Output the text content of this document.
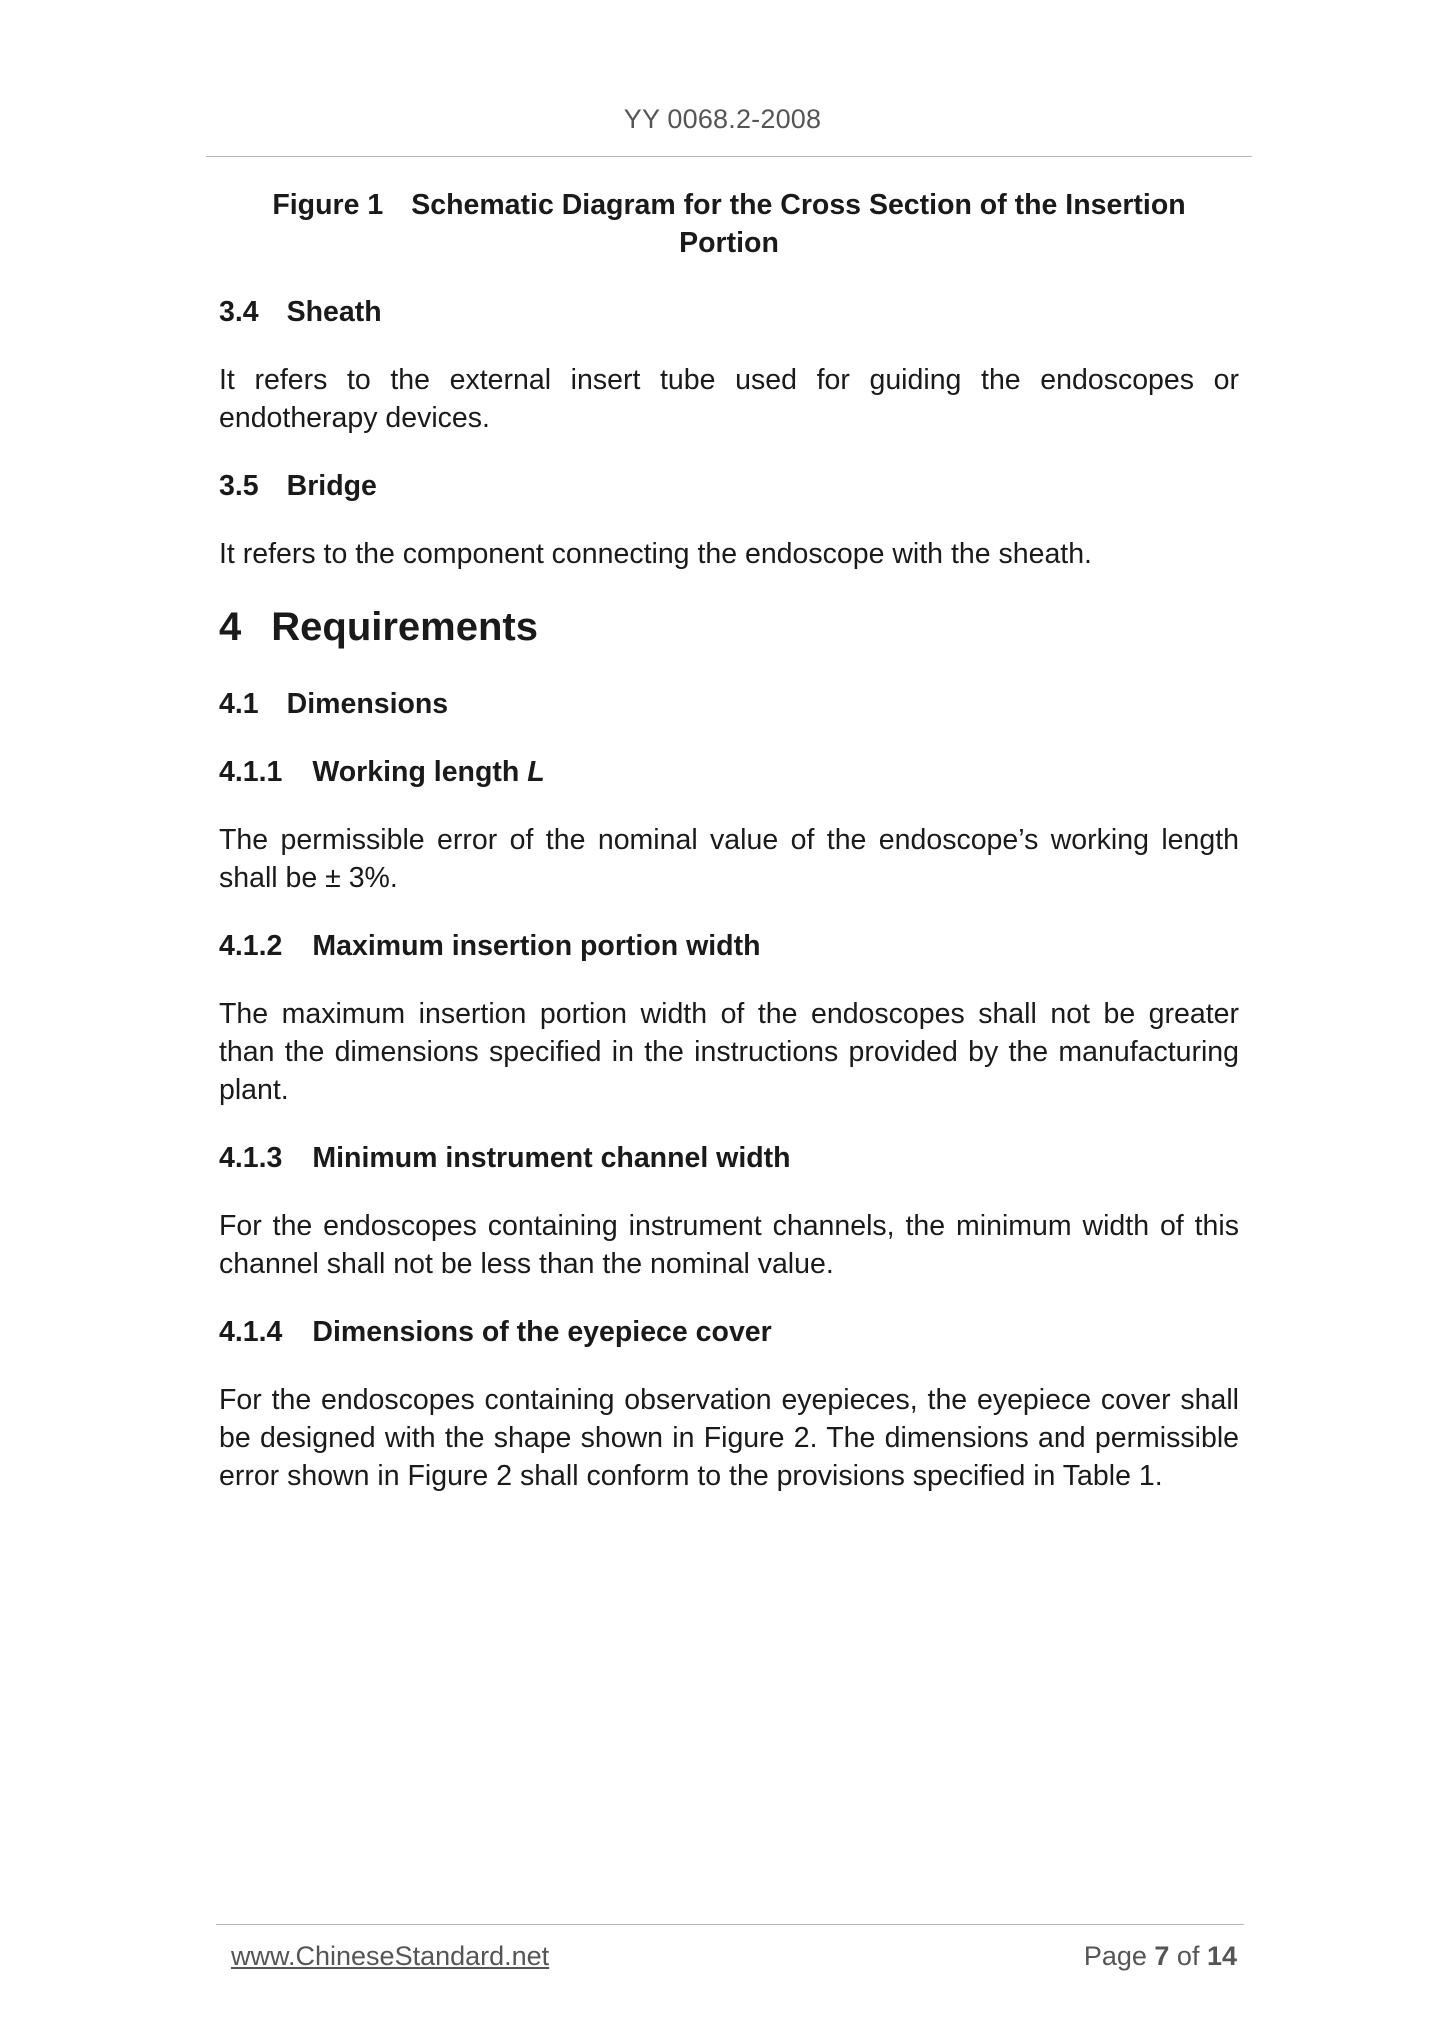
YY 0068.2-2008
Figure 1 Schematic Diagram for the Cross Section of the Insertion
Portion
3.4 Sheath

It refers to the external insert tube used for guiding the endoscopes or endotherapy devices.

3.5 Bridge

It refers to the component connecting the endoscope with the sheath.

4 Requirements
4.1 Dimensions
4.1.1 Working length L

The permissible error of the nominal value of the endoscope’s working length shall be ± 3%.

4.1.2 Maximum insertion portion width

The maximum insertion portion width of the endoscopes shall not be greater than the dimensions specified in the instructions provided by the manufacturing plant.

4.1.3 Minimum instrument channel width

For the endoscopes containing instrument channels, the minimum width of this channel shall not be less than the nominal value.

4.1.4 Dimensions of the eyepiece cover

For the endoscopes containing observation eyepieces, the eyepiece cover shall be designed with the shape shown in Figure 2. The dimensions and permissible error shown in Figure 2 shall conform to the provisions specified in Table 1.

www.ChineseStandard.net	Page 7 of 14
